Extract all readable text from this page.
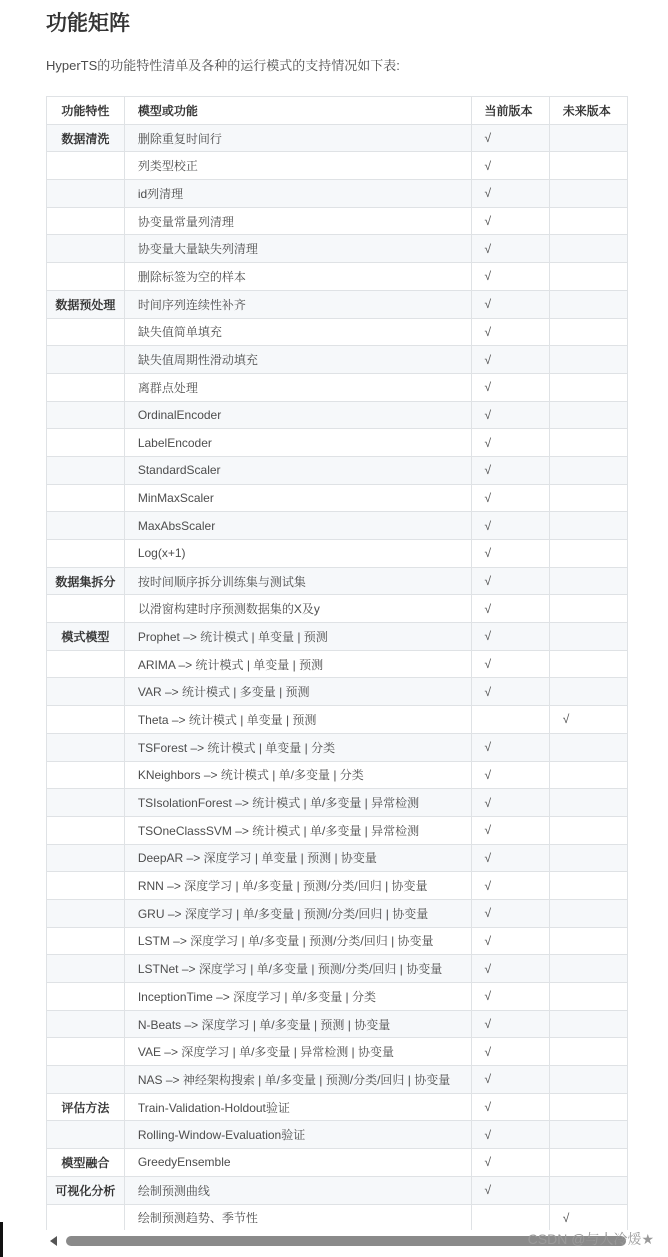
功能矩阵
HyperTS的功能特性清单及各种的运行模式的支持情况如下表:
功能特性	模型或功能	当前版本	未来版本
数据清洗	删除重复时间行	√	
	列类型校正	√	
	id列清理	√	
	协变量常量列清理	√	
	协变量大量缺失列清理	√	
	删除标签为空的样本	√	
数据预处理	时间序列连续性补齐	√	
	缺失值简单填充	√	
	缺失值周期性滑动填充	√	
	离群点处理	√	
	OrdinalEncoder	√	
	LabelEncoder	√	
	StandardScaler	√	
	MinMaxScaler	√	
	MaxAbsScaler	√	
	Log(x+1)	√	
数据集拆分	按时间顺序拆分训练集与测试集	√	
	以滑窗构建时序预测数据集的X及y	√	
模式模型	Prophet –> 统计模式 | 单变量 | 预测	√	
	ARIMA –> 统计模式 | 单变量 | 预测	√	
	VAR –> 统计模式 | 多变量 | 预测	√	
	Theta –> 统计模式 | 单变量 | 预测		√
	TSForest –> 统计模式 | 单变量 | 分类	√	
	KNeighbors –> 统计模式 | 单/多变量 | 分类	√	
	TSIsolationForest –> 统计模式 | 单/多变量 | 异常检测	√	
	TSOneClassSVM –> 统计模式 | 单/多变量 | 异常检测	√	
	DeepAR –> 深度学习 | 单变量 | 预测 | 协变量	√	
	RNN –> 深度学习 | 单/多变量 | 预测/分类/回归 | 协变量	√	
	GRU –> 深度学习 | 单/多变量 | 预测/分类/回归 | 协变量	√	
	LSTM –> 深度学习 | 单/多变量 | 预测/分类/回归 | 协变量	√	
	LSTNet –> 深度学习 | 单/多变量 | 预测/分类/回归 | 协变量	√	
	InceptionTime –> 深度学习 | 单/多变量 | 分类	√	
	N-Beats –> 深度学习 | 单/多变量 | 预测 | 协变量	√	
	VAE –> 深度学习 | 单/多变量 | 异常检测 | 协变量	√	
	NAS –> 神经架构搜索 | 单/多变量 | 预测/分类/回归 | 协变量	√	
评估方法	Train-Validation-Holdout验证	√	
	Rolling-Window-Evaluation验证	√	
模型融合	GreedyEnsemble	√	
可视化分析	绘制预测曲线	√	
	绘制预测趋势、季节性		√
CSDN @与人冷煖★
